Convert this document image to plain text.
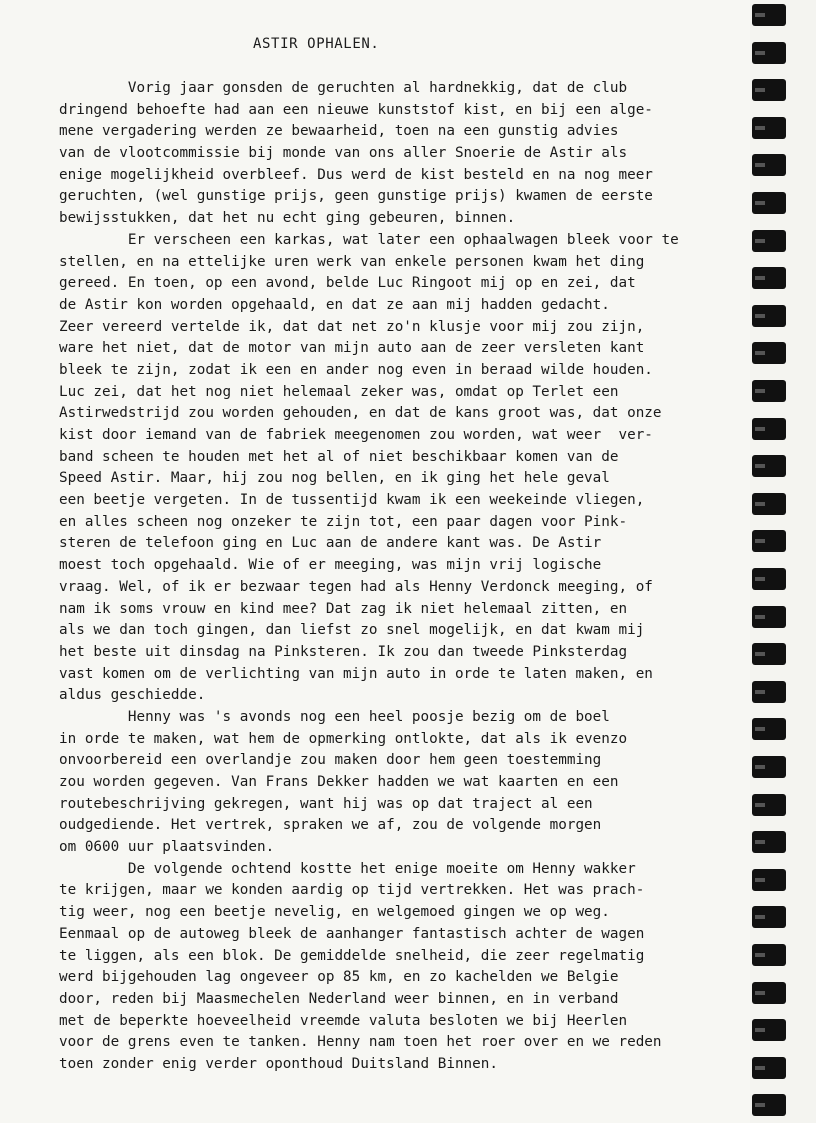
ASTIR OPHALEN.
Vorig jaar gonsden de geruchten al hardnekkig, dat de club
dringend behoefte had aan een nieuwe kunststof kist, en bij een alge-
mene vergadering werden ze bewaarheid, toen na een gunstig advies
van de vlootcommissie bij monde van ons aller Snoerie de Astir als
enige mogelijkheid overbleef. Dus werd de kist besteld en na nog meer
geruchten, (wel gunstige prijs, geen gunstige prijs) kwamen de eerste
bewijsstukken, dat het nu echt ging gebeuren, binnen.
Er verscheen een karkas, wat later een ophaalwagen bleek voor te
stellen, en na ettelijke uren werk van enkele personen kwam het ding
gereed. En toen, op een avond, belde Luc Ringoot mij op en zei, dat
de Astir kon worden opgehaald, en dat ze aan mij hadden gedacht.
Zeer vereerd vertelde ik, dat dat net zo'n klusje voor mij zou zijn,
ware het niet, dat de motor van mijn auto aan de zeer versleten kant
bleek te zijn, zodat ik een en ander nog even in beraad wilde houden.
Luc zei, dat het nog niet helemaal zeker was, omdat op Terlet een
Astirwedstrijd zou worden gehouden, en dat de kans groot was, dat onze
kist door iemand van de fabriek meegenomen zou worden, wat weer  ver-
band scheen te houden met het al of niet beschikbaar komen van de
Speed Astir. Maar, hij zou nog bellen, en ik ging het hele geval
een beetje vergeten. In de tussentijd kwam ik een weekeinde vliegen,
en alles scheen nog onzeker te zijn tot, een paar dagen voor Pink-
steren de telefoon ging en Luc aan de andere kant was. De Astir
moest toch opgehaald. Wie of er meeging, was mijn vrij logische
vraag. Wel, of ik er bezwaar tegen had als Henny Verdonck meeging, of
nam ik soms vrouw en kind mee? Dat zag ik niet helemaal zitten, en
als we dan toch gingen, dan liefst zo snel mogelijk, en dat kwam mij
het beste uit dinsdag na Pinksteren. Ik zou dan tweede Pinksterdag
vast komen om de verlichting van mijn auto in orde te laten maken, en
aldus geschiedde.
Henny was 's avonds nog een heel poosje bezig om de boel
in orde te maken, wat hem de opmerking ontlokte, dat als ik evenzo
onvoorbereid een overlandje zou maken door hem geen toestemming
zou worden gegeven. Van Frans Dekker hadden we wat kaarten en een
routebeschrijving gekregen, want hij was op dat traject al een
oudgediende. Het vertrek, spraken we af, zou de volgende morgen
om 0600 uur plaatsvinden.
De volgende ochtend kostte het enige moeite om Henny wakker
te krijgen, maar we konden aardig op tijd vertrekken. Het was prach-
tig weer, nog een beetje nevelig, en welgemoed gingen we op weg.
Eenmaal op de autoweg bleek de aanhanger fantastisch achter de wagen
te liggen, als een blok. De gemiddelde snelheid, die zeer regelmatig
werd bijgehouden lag ongeveer op 85 km, en zo kachelden we Belgie
door, reden bij Maasmechelen Nederland weer binnen, en in verband
met de beperkte hoeveelheid vreemde valuta besloten we bij Heerlen
voor de grens even te tanken. Henny nam toen het roer over en we reden
toen zonder enig verder oponthoud Duitsland Binnen.
